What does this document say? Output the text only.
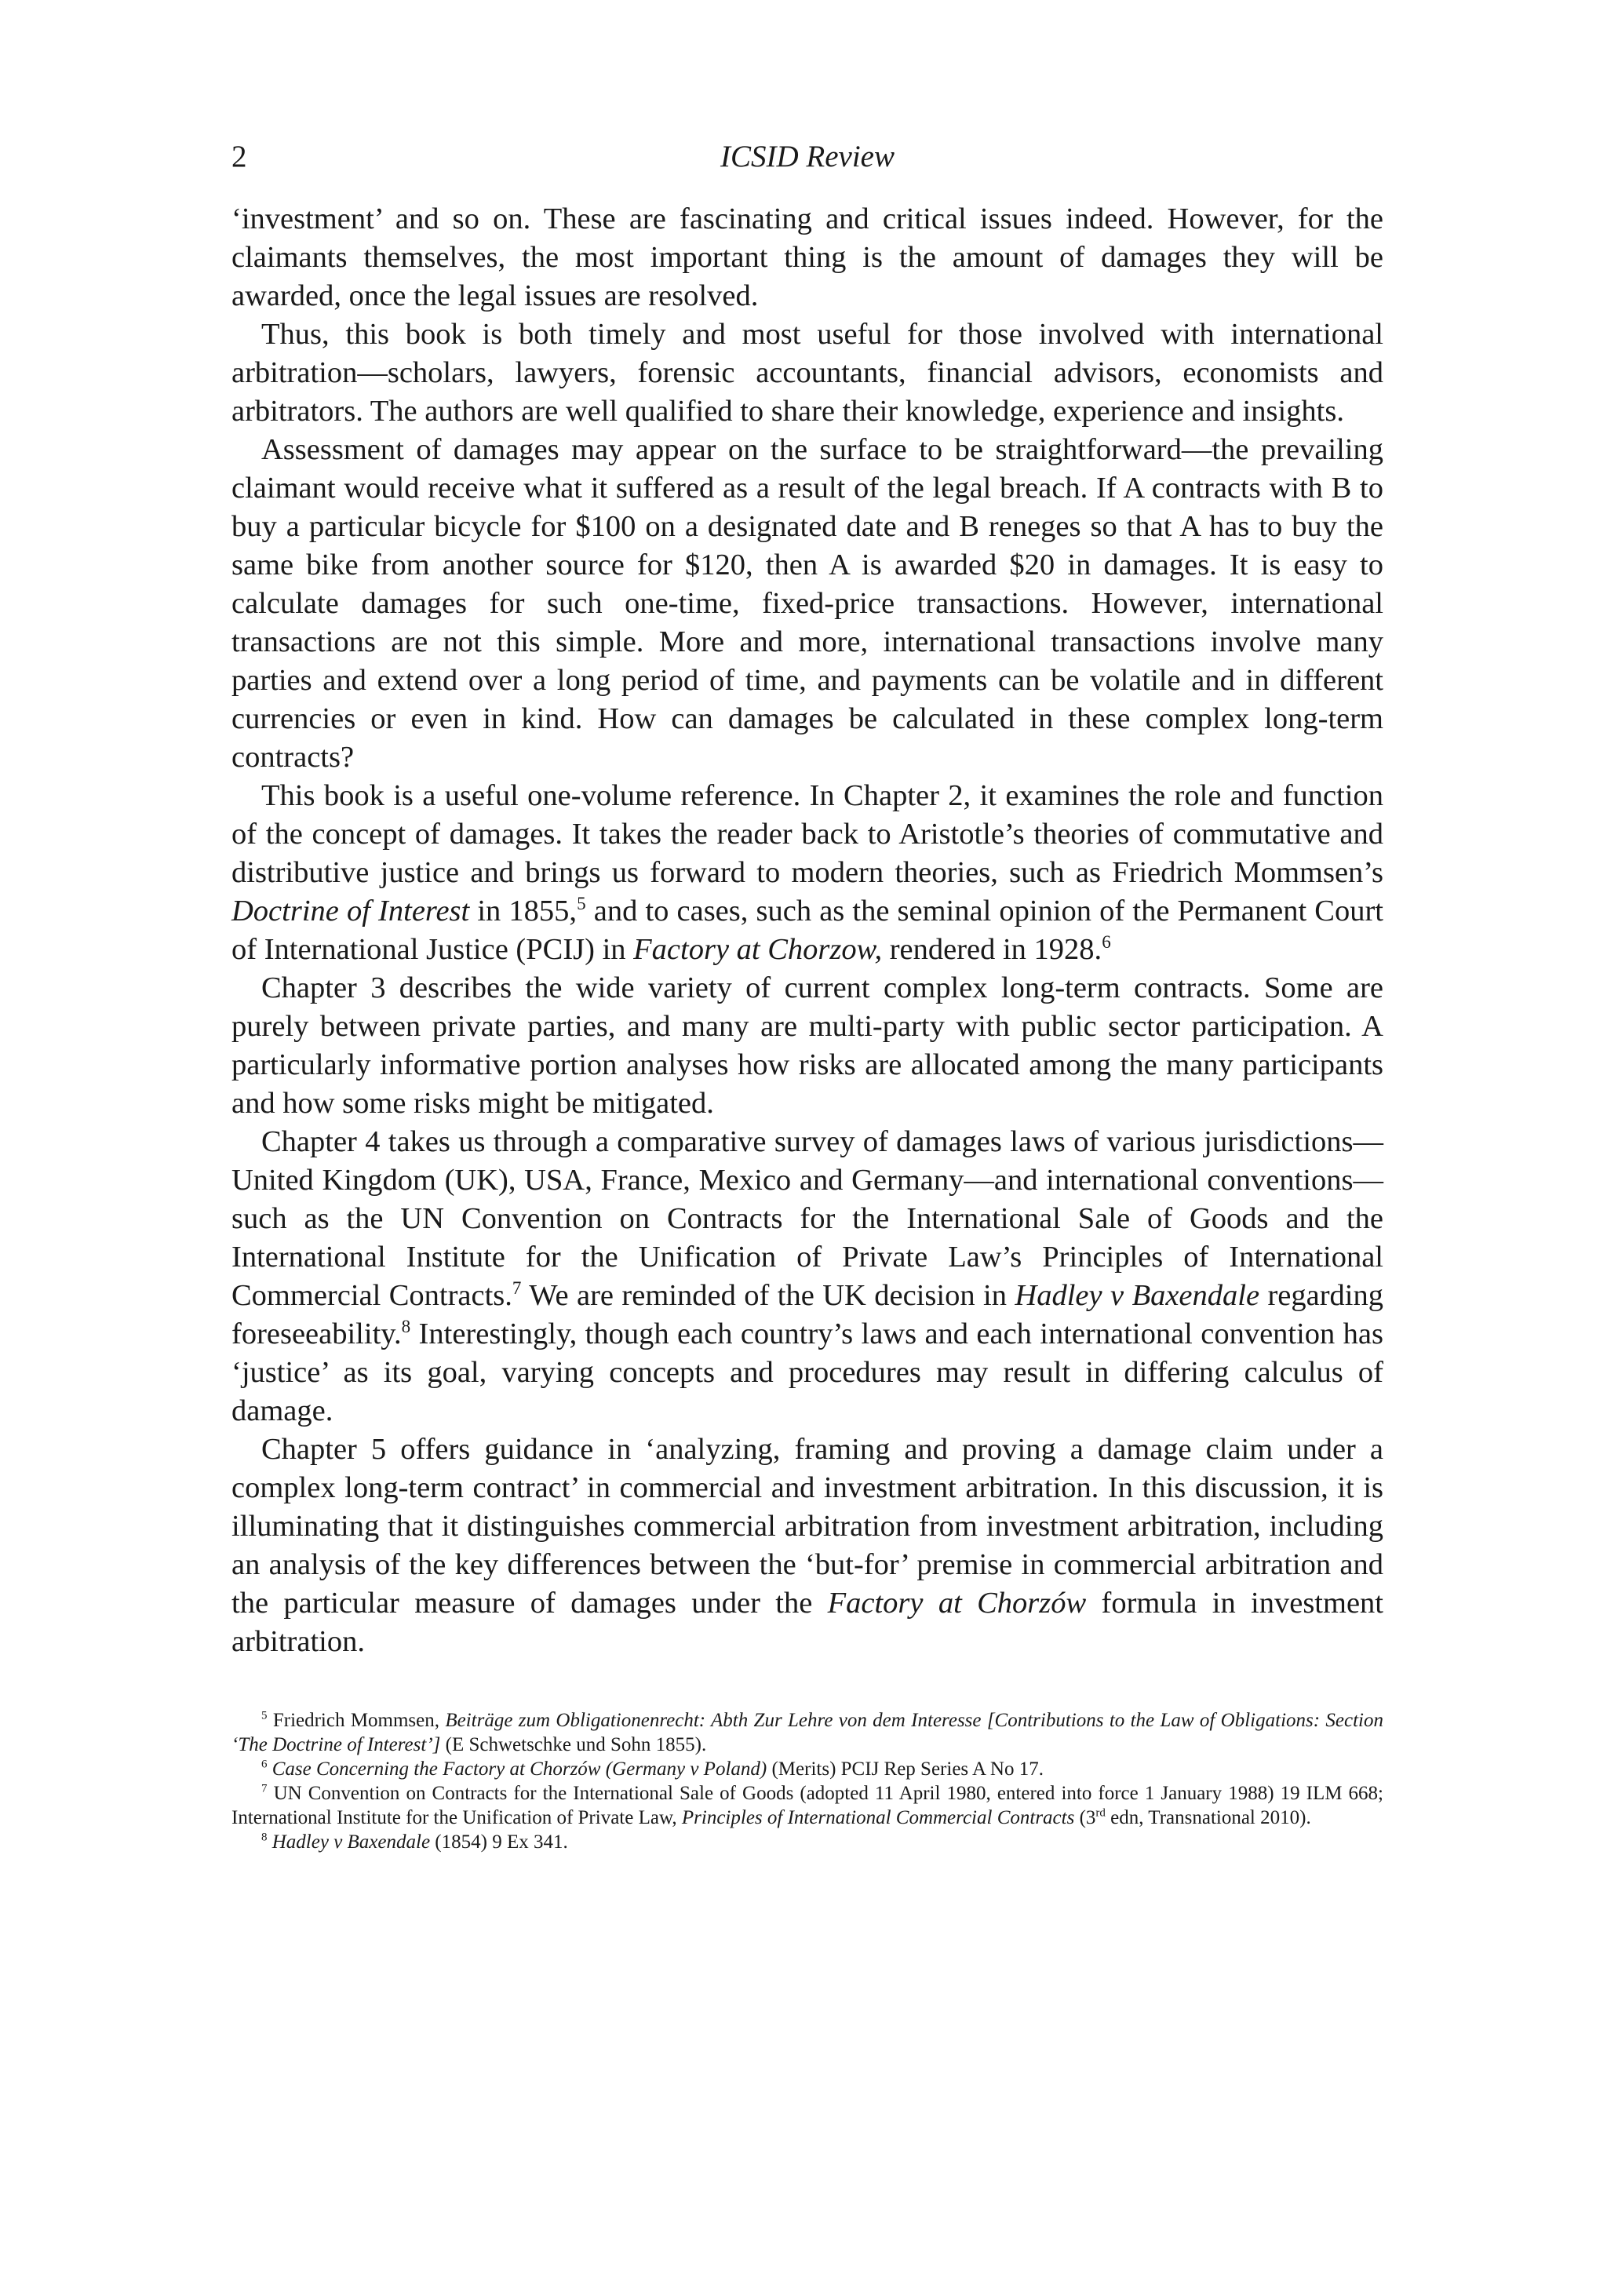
2	ICSID Review

‘investment’ and so on. These are fascinating and critical issues indeed. However, for the claimants themselves, the most important thing is the amount of damages they will be awarded, once the legal issues are resolved.

Thus, this book is both timely and most useful for those involved with international arbitration—scholars, lawyers, forensic accountants, financial advisors, economists and arbitrators. The authors are well qualified to share their knowledge, experience and insights.

Assessment of damages may appear on the surface to be straightforward—the prevailing claimant would receive what it suffered as a result of the legal breach. If A contracts with B to buy a particular bicycle for $100 on a designated date and B reneges so that A has to buy the same bike from another source for $120, then A is awarded $20 in damages. It is easy to calculate damages for such one-time, fixed-price transactions. However, international transactions are not this simple. More and more, international transactions involve many parties and extend over a long period of time, and payments can be volatile and in different currencies or even in kind. How can damages be calculated in these complex long-term contracts?

This book is a useful one-volume reference. In Chapter 2, it examines the role and function of the concept of damages. It takes the reader back to Aristotle’s theories of commutative and distributive justice and brings us forward to modern theories, such as Friedrich Mommsen’s Doctrine of Interest in 1855,$^5$ and to cases, such as the seminal opinion of the Permanent Court of International Justice (PCIJ) in Factory at Chorzow, rendered in 1928.$^6$

Chapter 3 describes the wide variety of current complex long-term contracts. Some are purely between private parties, and many are multi-party with public sector participation. A particularly informative portion analyses how risks are allocated among the many participants and how some risks might be mitigated.

Chapter 4 takes us through a comparative survey of damages laws of various jurisdictions—United Kingdom (UK), USA, France, Mexico and Germany—and international conventions—such as the UN Convention on Contracts for the International Sale of Goods and the International Institute for the Unification of Private Law’s Principles of International Commercial Contracts.$^7$ We are reminded of the UK decision in Hadley v Baxendale regarding foreseeability.$^8$ Interestingly, though each country’s laws and each international convention has ‘justice’ as its goal, varying concepts and procedures may result in differing calculus of damage.

Chapter 5 offers guidance in ‘analyzing, framing and proving a damage claim under a complex long-term contract’ in commercial and investment arbitration. In this discussion, it is illuminating that it distinguishes commercial arbitration from investment arbitration, including an analysis of the key differences between the ‘but-for’ premise in commercial arbitration and the particular measure of damages under the Factory at Chorzów formula in investment arbitration.

$^5$ Friedrich Mommsen, Beiträge zum Obligationenrecht: Abth Zur Lehre von dem Interesse [Contributions to the Law of Obligations: Section ‘The Doctrine of Interest’] (E Schwetschke und Sohn 1855).

$^6$ Case Concerning the Factory at Chorzów (Germany v Poland) (Merits) PCIJ Rep Series A No 17.

$^7$ UN Convention on Contracts for the International Sale of Goods (adopted 11 April 1980, entered into force 1 January 1988) 19 ILM 668; International Institute for the Unification of Private Law, Principles of International Commercial Contracts (3rd edn, Transnational 2010).

$^8$ Hadley v Baxendale (1854) 9 Ex 341.
